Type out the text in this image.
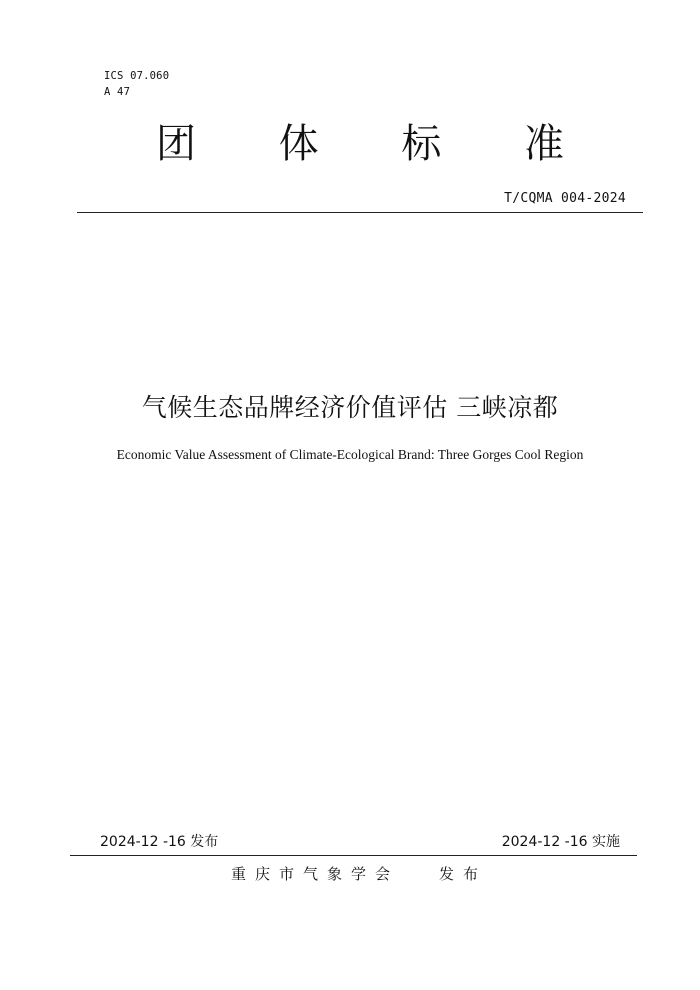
ICS 07.060
A 47
团 体 标 准
T/CQMA 004-2024
气候生态品牌经济价值评估 三峡凉都
Economic Value Assessment of Climate-Ecological Brand: Three Gorges Cool Region
2024-12 -16 发布	2024-12 -16 实施
重庆市气象学会	发布
